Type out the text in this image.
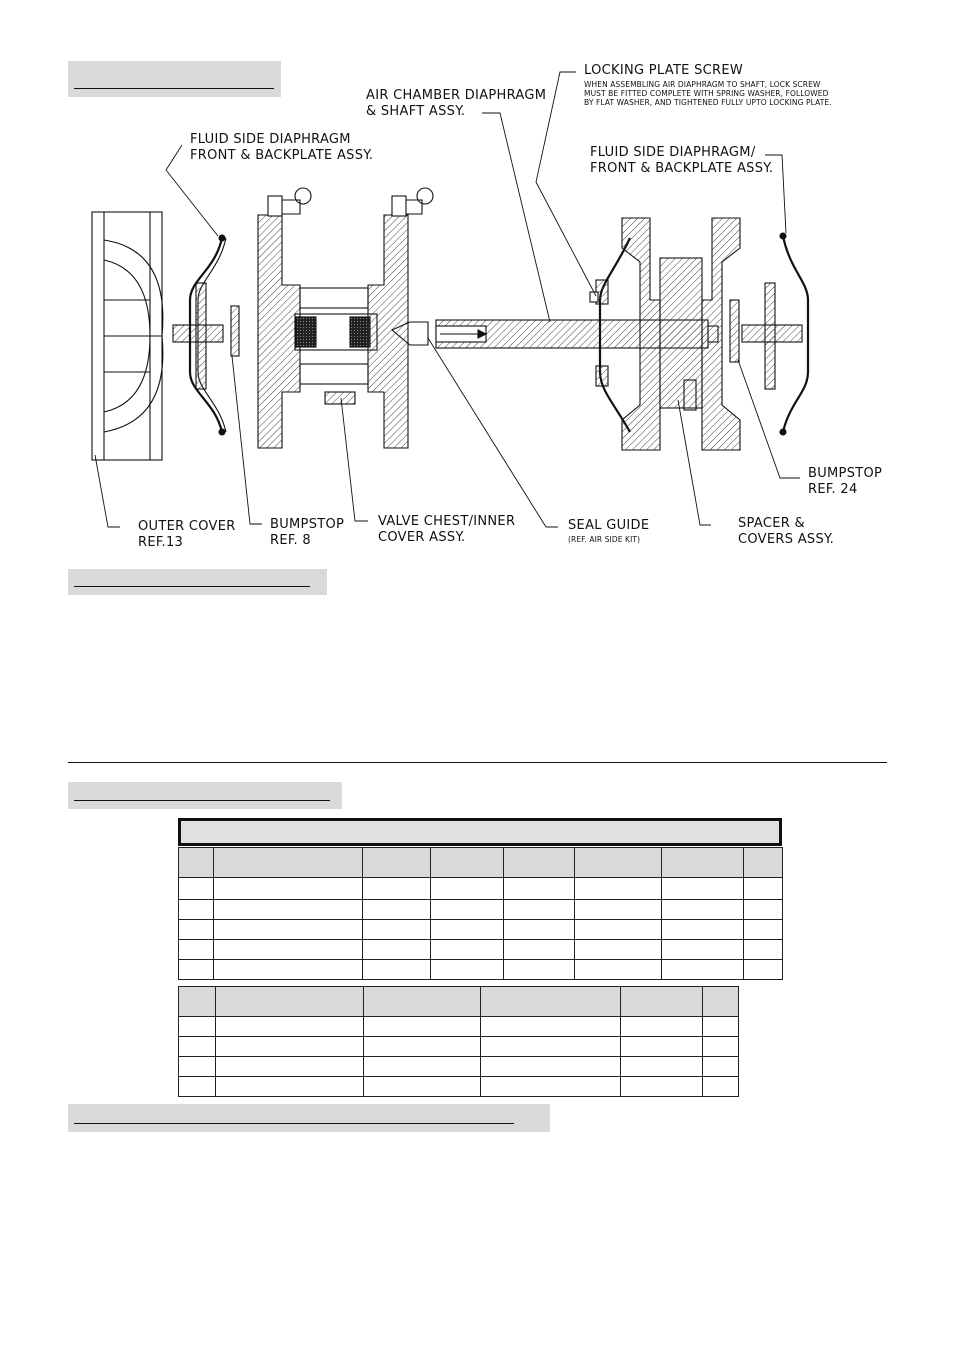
FLUID SIDE DIAPHRAGM
FRONT & BACKPLATE ASSY.
AIR CHAMBER DIAPHRAGM
& SHAFT ASSY.
LOCKING PLATE SCREW
WHEN ASSEMBLING AIR DIAPHRAGM TO SHAFT, LOCK SCREW
MUST BE FITTED COMPLETE WITH SPRING WASHER, FOLLOWED
BY FLAT WASHER, AND TIGHTENED FULLY UPTO LOCKING PLATE.
FLUID SIDE DIAPHRAGM/
FRONT & BACKPLATE ASSY.
BUMPSTOP
REF. 24
OUTER COVER
REF.13
BUMPSTOP
REF. 8
VALVE CHEST/INNER
COVER ASSY.
SEAL GUIDE
(REF. AIR SIDE KIT)
SPACER &
COVERS ASSY.
